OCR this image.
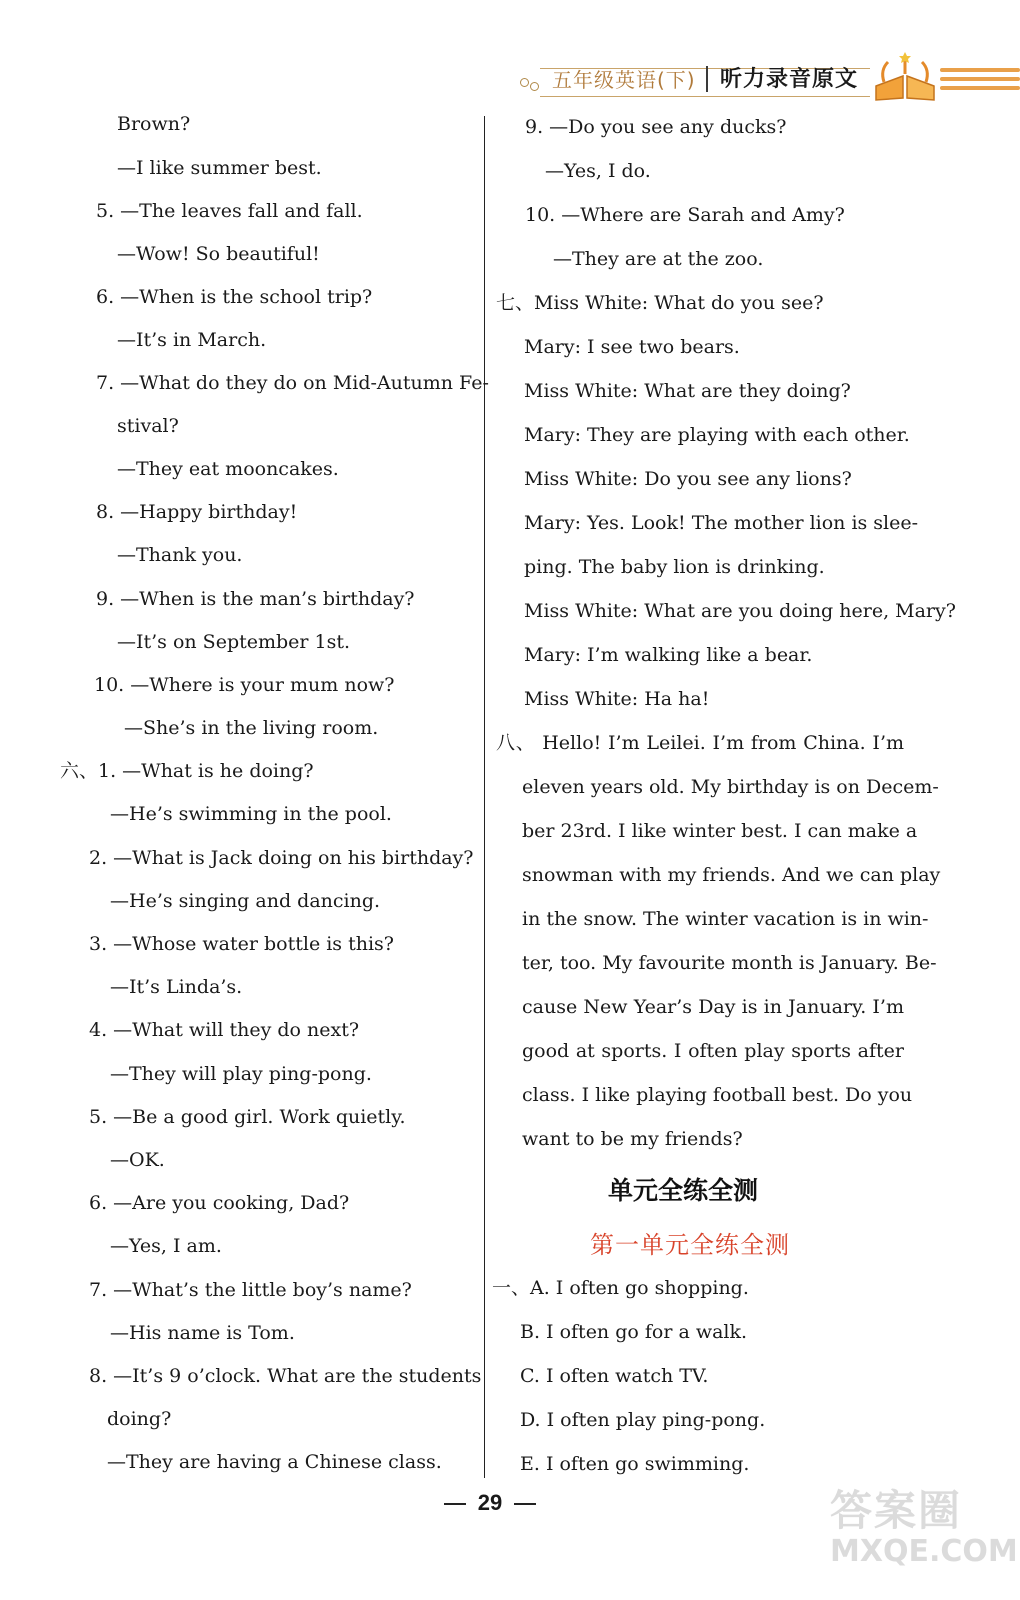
五年级英语(下) 听力录音原文
Brown?
—I like summer best.
5. —The leaves fall and fall.
—Wow! So beautiful!
6. —When is the school trip?
—It’s in March.
7. —What do they do on Mid-Autumn Fe-
stival?
—They eat mooncakes.
8. —Happy birthday!
—Thank you.
9. —When is the man’s birthday?
—It’s on September 1st.
10. —Where is your mum now?
—She’s in the living room.
六、1. —What is he doing?
—He’s swimming in the pool.
2. —What is Jack doing on his birthday?
—He’s singing and dancing.
3. —Whose water bottle is this?
—It’s Linda’s.
4. —What will they do next?
—They will play ping-pong.
5. —Be a good girl. Work quietly.
—OK.
6. —Are you cooking, Dad?
—Yes, I am.
7. —What’s the little boy’s name?
—His name is Tom.
8. —It’s 9 o’clock. What are the students
doing?
—They are having a Chinese class.
9. —Do you see any ducks?
—Yes, I do.
10. —Where are Sarah and Amy?
—They are at the zoo.
七、Miss White: What do you see?
Mary: I see two bears.
Miss White: What are they doing?
Mary: They are playing with each other.
Miss White: Do you see any lions?
Mary: Yes. Look! The mother lion is slee-
ping. The baby lion is drinking.
Miss White: What are you doing here, Mary?
Mary: I’m walking like a bear.
Miss White: Ha ha!
八、 Hello! I’m Leilei. I’m from China. I’m
eleven years old. My birthday is on Decem-
ber 23rd. I like winter best. I can make a
snowman with my friends. And we can play
in the snow. The winter vacation is in win-
ter, too. My favourite month is January. Be-
cause New Year’s Day is in January. I’m
good at sports. I often play sports after
class. I like playing football best. Do you
want to be my friends?
单元全练全测
第一单元全练全测
一、A. I often go shopping.
B. I often go for a walk.
C. I often watch TV.
D. I often play ping-pong.
E. I often go swimming.
29	答案圈
MXQE.COM
